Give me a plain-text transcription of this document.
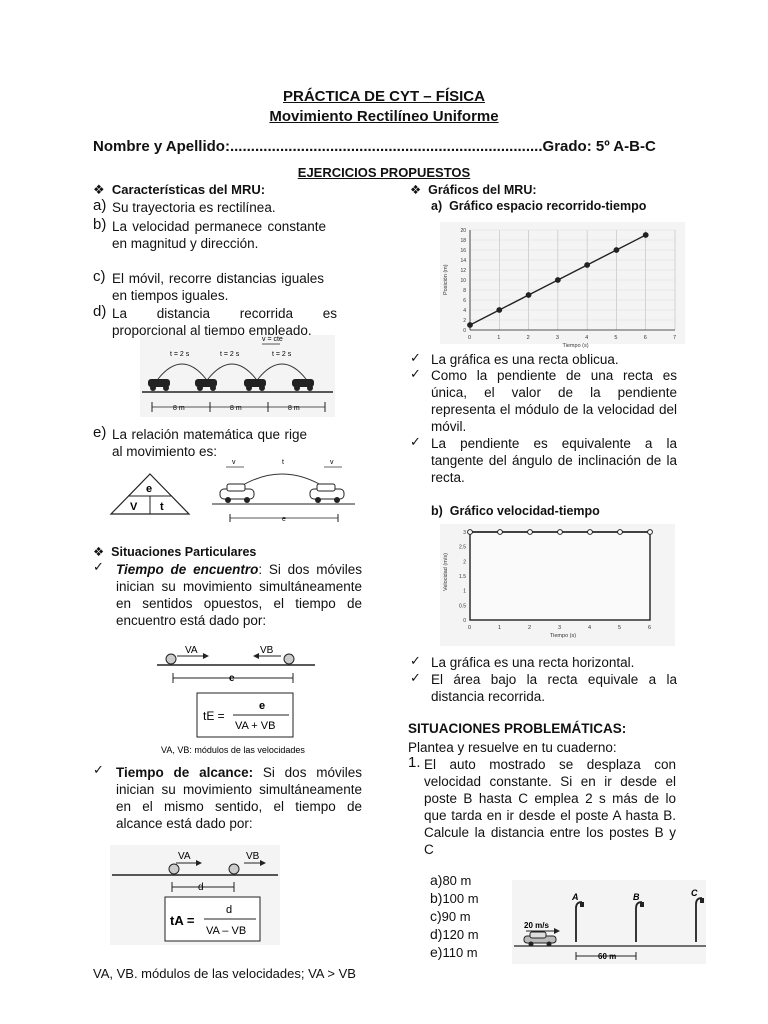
PRÁCTICA DE CYT – FÍSICA
Movimiento Rectilíneo Uniforme
Nombre y Apellido:...........................................................................Grado: 5º A-B-C
EJERCICIOS PROPUESTOS
❖ Características del MRU:
a) Su trayectoria es rectilínea.
b) La velocidad permanece constante en magnitud y dirección.
c) El móvil, recorre distancias iguales en tiempos iguales.
d) La distancia recorrida es proporcional al tiempo empleado.
v = cte
t = 2 s	t = 2 s	t = 2 s
8 m	8 m	8 m
e) La relación matemática que rige al movimiento es:
e
V t
v	t	v
e
❖ Situaciones Particulares
✓ Tiempo de encuentro: Si dos móviles inician su movimiento simultáneamente en sentidos opuestos, el tiempo de encuentro está dado por:
VA	VB
e
tE =
e
VA + VB
VA, VB: módulos de las velocidades
✓ Tiempo de alcance: Si dos móviles inician su movimiento simultáneamente en el mismo sentido, el tiempo de alcance está dado por:
VA	VB
d
tA =
d
VA – VB
VA, VB. módulos de las velocidades; VA > VB
❖ Gráficos del MRU:
a) Gráfico espacio recorrido-tiempo
0	1	2	3	4	5	6	7
0
2
4
6
8
10
12
14
16
18
20
Tiempo (s)
Posición (m)
✓ La gráfica es una recta oblicua.
✓ Como la pendiente de una recta es única, el valor de la pendiente representa el módulo de la velocidad del móvil.
✓ La pendiente es equivalente a la tangente del ángulo de inclinación de la recta.
b) Gráfico velocidad-tiempo
0	1	2	3	4	5	6
0
0.5
1
1.5
2
2.5
3
Tiempo (s)
Velocidad (m/s)
✓ La gráfica es una recta horizontal.
✓ El área bajo la recta equivale a la distancia recorrida.
SITUACIONES PROBLEMÁTICAS:
Plantea y resuelve en tu cuaderno:
1. El auto mostrado se desplaza con velocidad constante. Si en ir desde el poste B hasta C emplea 2 s más de lo que tarda en ir desde el poste A hasta B. Calcule la distancia entre los postes B y C
a)80 m
b)100 m
c)90 m
d)120 m
e)110 m
A	B	C
20 m/s
60 m
